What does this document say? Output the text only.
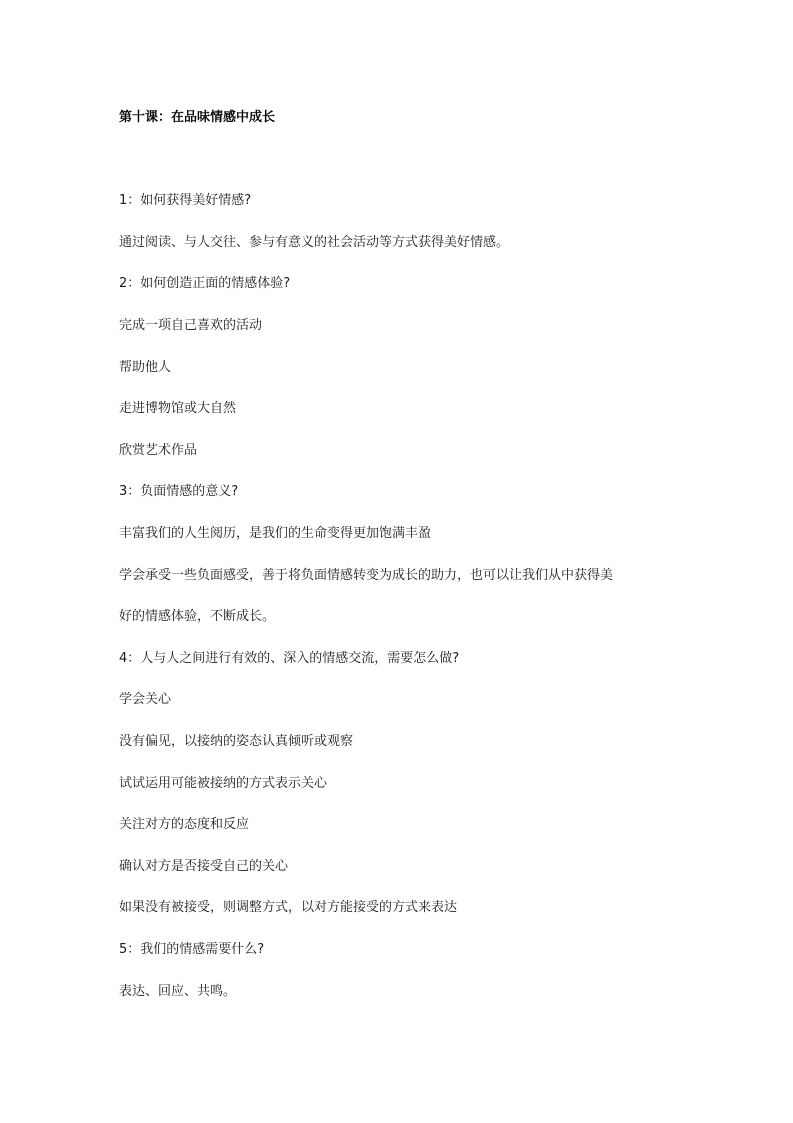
第十课：在品味情感中成长
1：如何获得美好情感?
通过阅读、与人交往、参与有意义的社会活动等方式获得美好情感。
2：如何创造正面的情感体验?
完成一项自己喜欢的活动
帮助他人
走进博物馆或大自然
欣赏艺术作品
3：负面情感的意义?
丰富我们的人生阅历，是我们的生命变得更加饱满丰盈
学会承受一些负面感受，善于将负面情感转变为成长的助力，也可以让我们从中获得美
好的情感体验，不断成长。
4：人与人之间进行有效的、深入的情感交流，需要怎么做?
学会关心
没有偏见，以接纳的姿态认真倾听或观察
试试运用可能被接纳的方式表示关心
关注对方的态度和反应
确认对方是否接受自己的关心
如果没有被接受，则调整方式，以对方能接受的方式来表达
5：我们的情感需要什么?
表达、回应、共鸣。
